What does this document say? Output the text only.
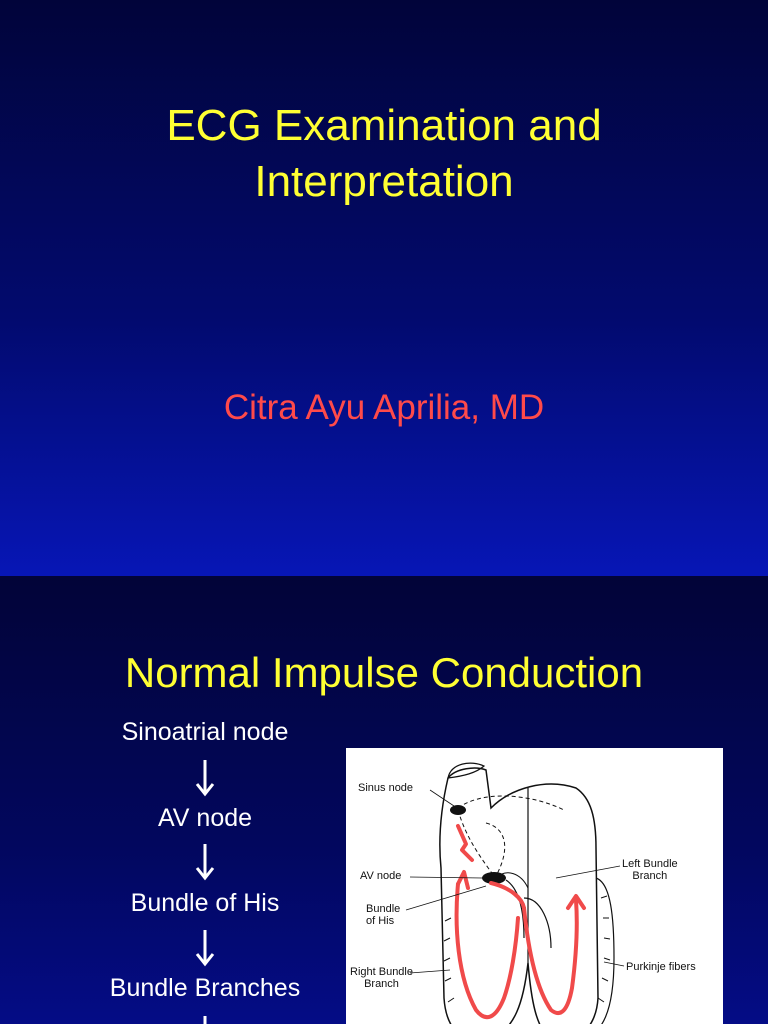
ECG Examination and
Interpretation
Citra Ayu Aprilia, MD
Normal Impulse Conduction
Sinoatrial node
AV node
Bundle of His
Bundle Branches
Sinus node
AV node
Bundle
of His
Right Bundle
Branch
Left Bundle
Branch
Purkinje fibers
